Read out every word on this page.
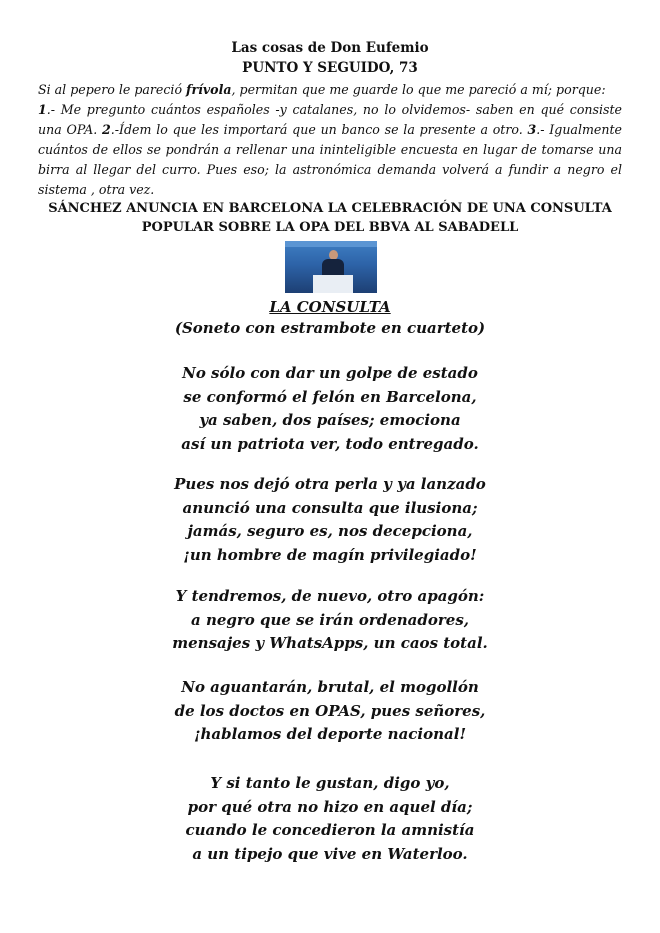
Las cosas de Don Eufemio
PUNTO Y SEGUIDO, 73
Si al pepero le pareció frívola, permitan que me guarde lo que me pareció a mí; porque:
1.- Me pregunto cuántos españoles -y catalanes, no lo olvidemos- saben en qué consiste una OPA. 2.-Ídem lo que les importará que un banco se la presente a otro. 3.- Igualmente cuántos de ellos se pondrán a rellenar una ininteligible encuesta en lugar de tomarse una birra al llegar del curro. Pues eso; la astronómica demanda volverá a fundir a negro el sistema , otra vez.
SÁNCHEZ ANUNCIA EN BARCELONA LA CELEBRACIÓN DE UNA CONSULTA
POPULAR SOBRE LA OPA DEL BBVA AL SABADELL
LA CONSULTA
(Soneto con estrambote en cuarteto)
No sólo con dar un golpe de estado
se conformó el felón en Barcelona,
ya saben, dos países; emociona
así un patriota ver, todo entregado.
Pues nos dejó otra perla y ya lanzado
anunció una consulta que ilusiona;
jamás, seguro es, nos decepciona,
¡un hombre de magín privilegiado!
Y tendremos, de nuevo, otro apagón:
a negro que se irán ordenadores,
mensajes y WhatsApps, un caos total.
No aguantarán, brutal, el mogollón
de los doctos en OPAS, pues señores,
¡hablamos del deporte nacional!
Y si tanto le gustan, digo yo,
por qué otra no hizo en aquel día;
cuando le concedieron la amnistía
a un tipejo que vive en Waterloo.
